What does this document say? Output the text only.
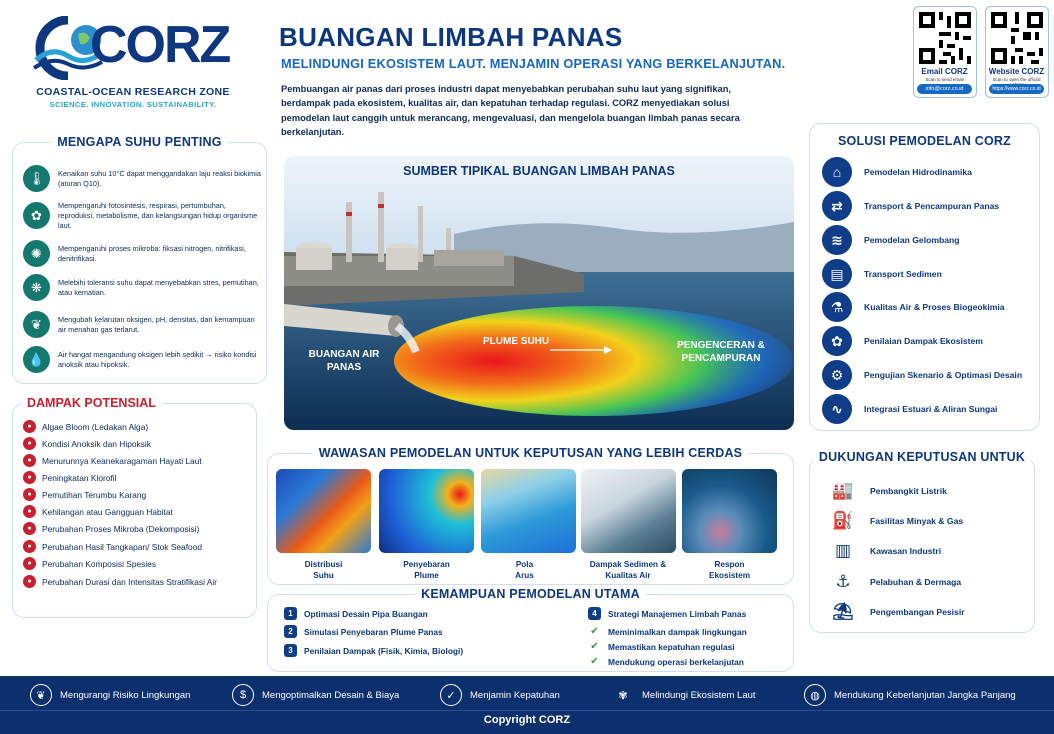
CORZ
COASTAL-OCEAN RESEARCH ZONE
SCIENCE. INNOVATION. SUSTAINABILITY.
BUANGAN LIMBAH PANAS
MELINDUNGI EKOSISTEM LAUT. MENJAMIN OPERASI YANG BERKELANJUTAN.
Pembuangan air panas dari proses industri dapat menyebabkan perubahan suhu laut yang signifikan, berdampak pada ekosistem, kualitas air, dan kepatuhan terhadap regulasi. CORZ menyediakan solusi pemodelan laut canggih untuk merancang, mengevaluasi, dan mengelola buangan limbah panas secara berkelanjutan.
Email CORZ
Scan to send email
info@corz.co.id
Website CORZ
Scan to open the official
https://www.corz.co.id
MENGAPA SUHU PENTING
🌡	Kenaikan suhu 10°C dapat menggandakan laju reaksi biokimia (aturan Q10).
✿
Mempengaruhi fotosintesis, respirasi, pertumbuhan, reproduksi, metabolisme, dan kelangsungan hidup organisme laut.
✺	Mempengaruhi proses mikroba: fiksasi nitrogen, nitrifikasi, denitrifikasi.
❋	Melebihi toleransi suhu dapat menyebabkan stres, pemutihan, atau kematian.
❦	Mengubah kelarutan oksigen, pH, densitas, dan kemampuan air menahan gas terlarut.
💧	Air hangat mengandung oksigen lebih sedikit → risiko kondisi anoksik atau hipoksik.
DAMPAK POTENSIAL
●	Algae Bloom (Ledakan Alga)
●	Kondisi Anoksik dan Hipoksik
●	Menurunnya Keanekaragaman Hayati Laut
●	Peningkatan Klorofil
●	Pemutihan Terumbu Karang
●	Kehilangan atau Gangguan Habitat
●	Perubahan Proses Mikroba (Dekomposisi)
●	Perubahan Hasil Tangkapan/ Stok Seafood
●	Perubahan Komposisi Spesies
●	Perubahan Durasi dan Intensitas Stratifikasi Air
SUMBER TIPIKAL BUANGAN LIMBAH PANAS
BUANGAN AIR PANAS
PLUME SUHU	PENGENCERAN & PENCAMPURAN
WAWASAN PEMODELAN UNTUK KEPUTUSAN YANG LEBIH CERDAS
Distribusi
Suhu
Penyebaran
Plume
Pola
Arus
Dampak Sedimen &
Kualitas Air
Respon
Ekosistem
KEMAMPUAN PEMODELAN UTAMA
1	Optimasi Desain Pipa Buangan
2	Simulasi Penyebaran Plume Panas
3	Penilaian Dampak (Fisik, Kimia, Biologi)
4	Strategi Manajemen Limbah Panas
✔ Meminimalkan dampak lingkungan
✔ Memastikan kepatuhan regulasi
✔ Mendukung operasi berkelanjutan
SOLUSI PEMODELAN CORZ
⌂	Pemodelan Hidrodinamika
⇄	Transport & Pencampuran Panas
≋	Pemodelan Gelombang
▤	Transport Sedimen
⚗	Kualitas Air & Proses Biogeokimia
✿	Penilaian Dampak Ekosistem
⚙	Pengujian Skenario & Optimasi Desain
∿	Integrasi Estuari & Aliran Sungai
DUKUNGAN KEPUTUSAN UNTUK
🏭 Pembangkit Listrik
⛽ Fasilitas Minyak & Gas
▥	Kawasan Industri
⚓	Pelabuhan & Dermaga
⛱ Pengembangan Pesisir
❦	Mengurangi Risiko Lingkungan	$	Mengoptimalkan Desain & Biaya	✓	Menjamin Kepatuhan	✾	Melindungi Ekosistem Laut	◍	Mendukung Keberlanjutan Jangka Panjang
Copyright CORZ
